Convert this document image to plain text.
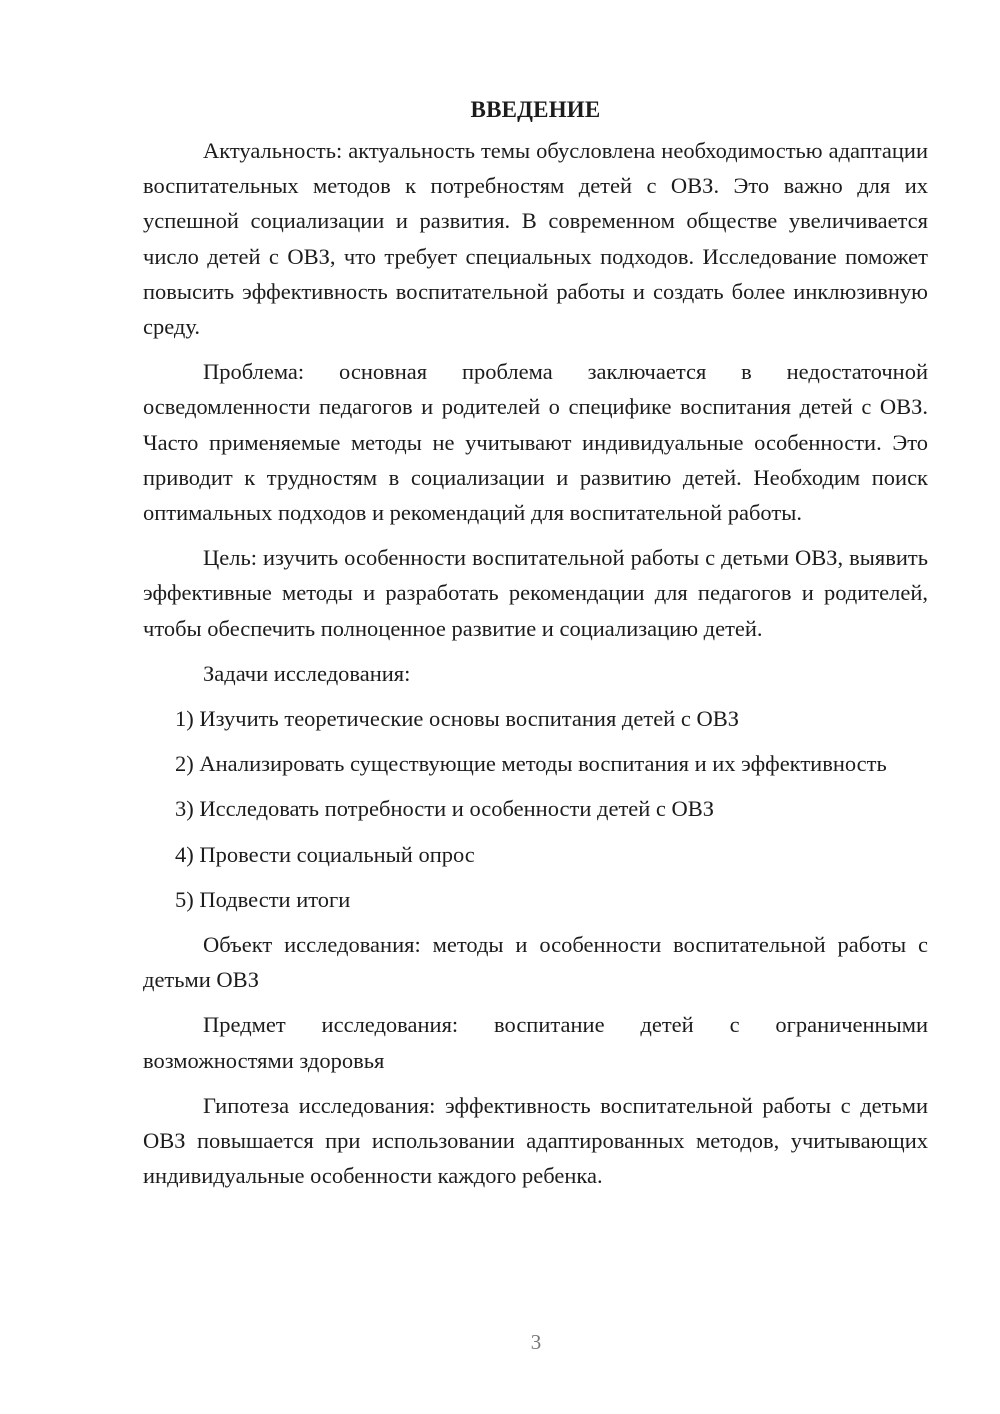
ВВЕДЕНИЕ

Актуальность: актуальность темы обусловлена необходимостью адаптации воспитательных методов к потребностям детей с ОВЗ. Это важно для их успешной социализации и развития. В современном обществе увеличивается число детей с ОВЗ, что требует специальных подходов. Исследование поможет повысить эффективность воспитательной работы и создать более инклюзивную среду.

Проблема: основная проблема заключается в недостаточной осведомленности педагогов и родителей о специфике воспитания детей с ОВЗ. Часто применяемые методы не учитывают индивидуальные особенности. Это приводит к трудностям в социализации и развитию детей. Необходим поиск оптимальных подходов и рекомендаций для воспитательной работы.

Цель: изучить особенности воспитательной работы с детьми ОВЗ, выявить эффективные методы и разработать рекомендации для педагогов и родителей, чтобы обеспечить полноценное развитие и социализацию детей.

Задачи исследования:

1) Изучить теоретические основы воспитания детей с ОВЗ

2) Анализировать существующие методы воспитания и их эффективность

3) Исследовать потребности и особенности детей с ОВЗ

4) Провести социальный опрос

5) Подвести итоги

Объект исследования: методы и особенности воспитательной работы с детьми ОВЗ

Предмет исследования: воспитание детей с ограниченными возможностями здоровья

Гипотеза исследования: эффективность воспитательной работы с детьми ОВЗ повышается при использовании адаптированных методов, учитывающих индивидуальные особенности каждого ребенка.

3
